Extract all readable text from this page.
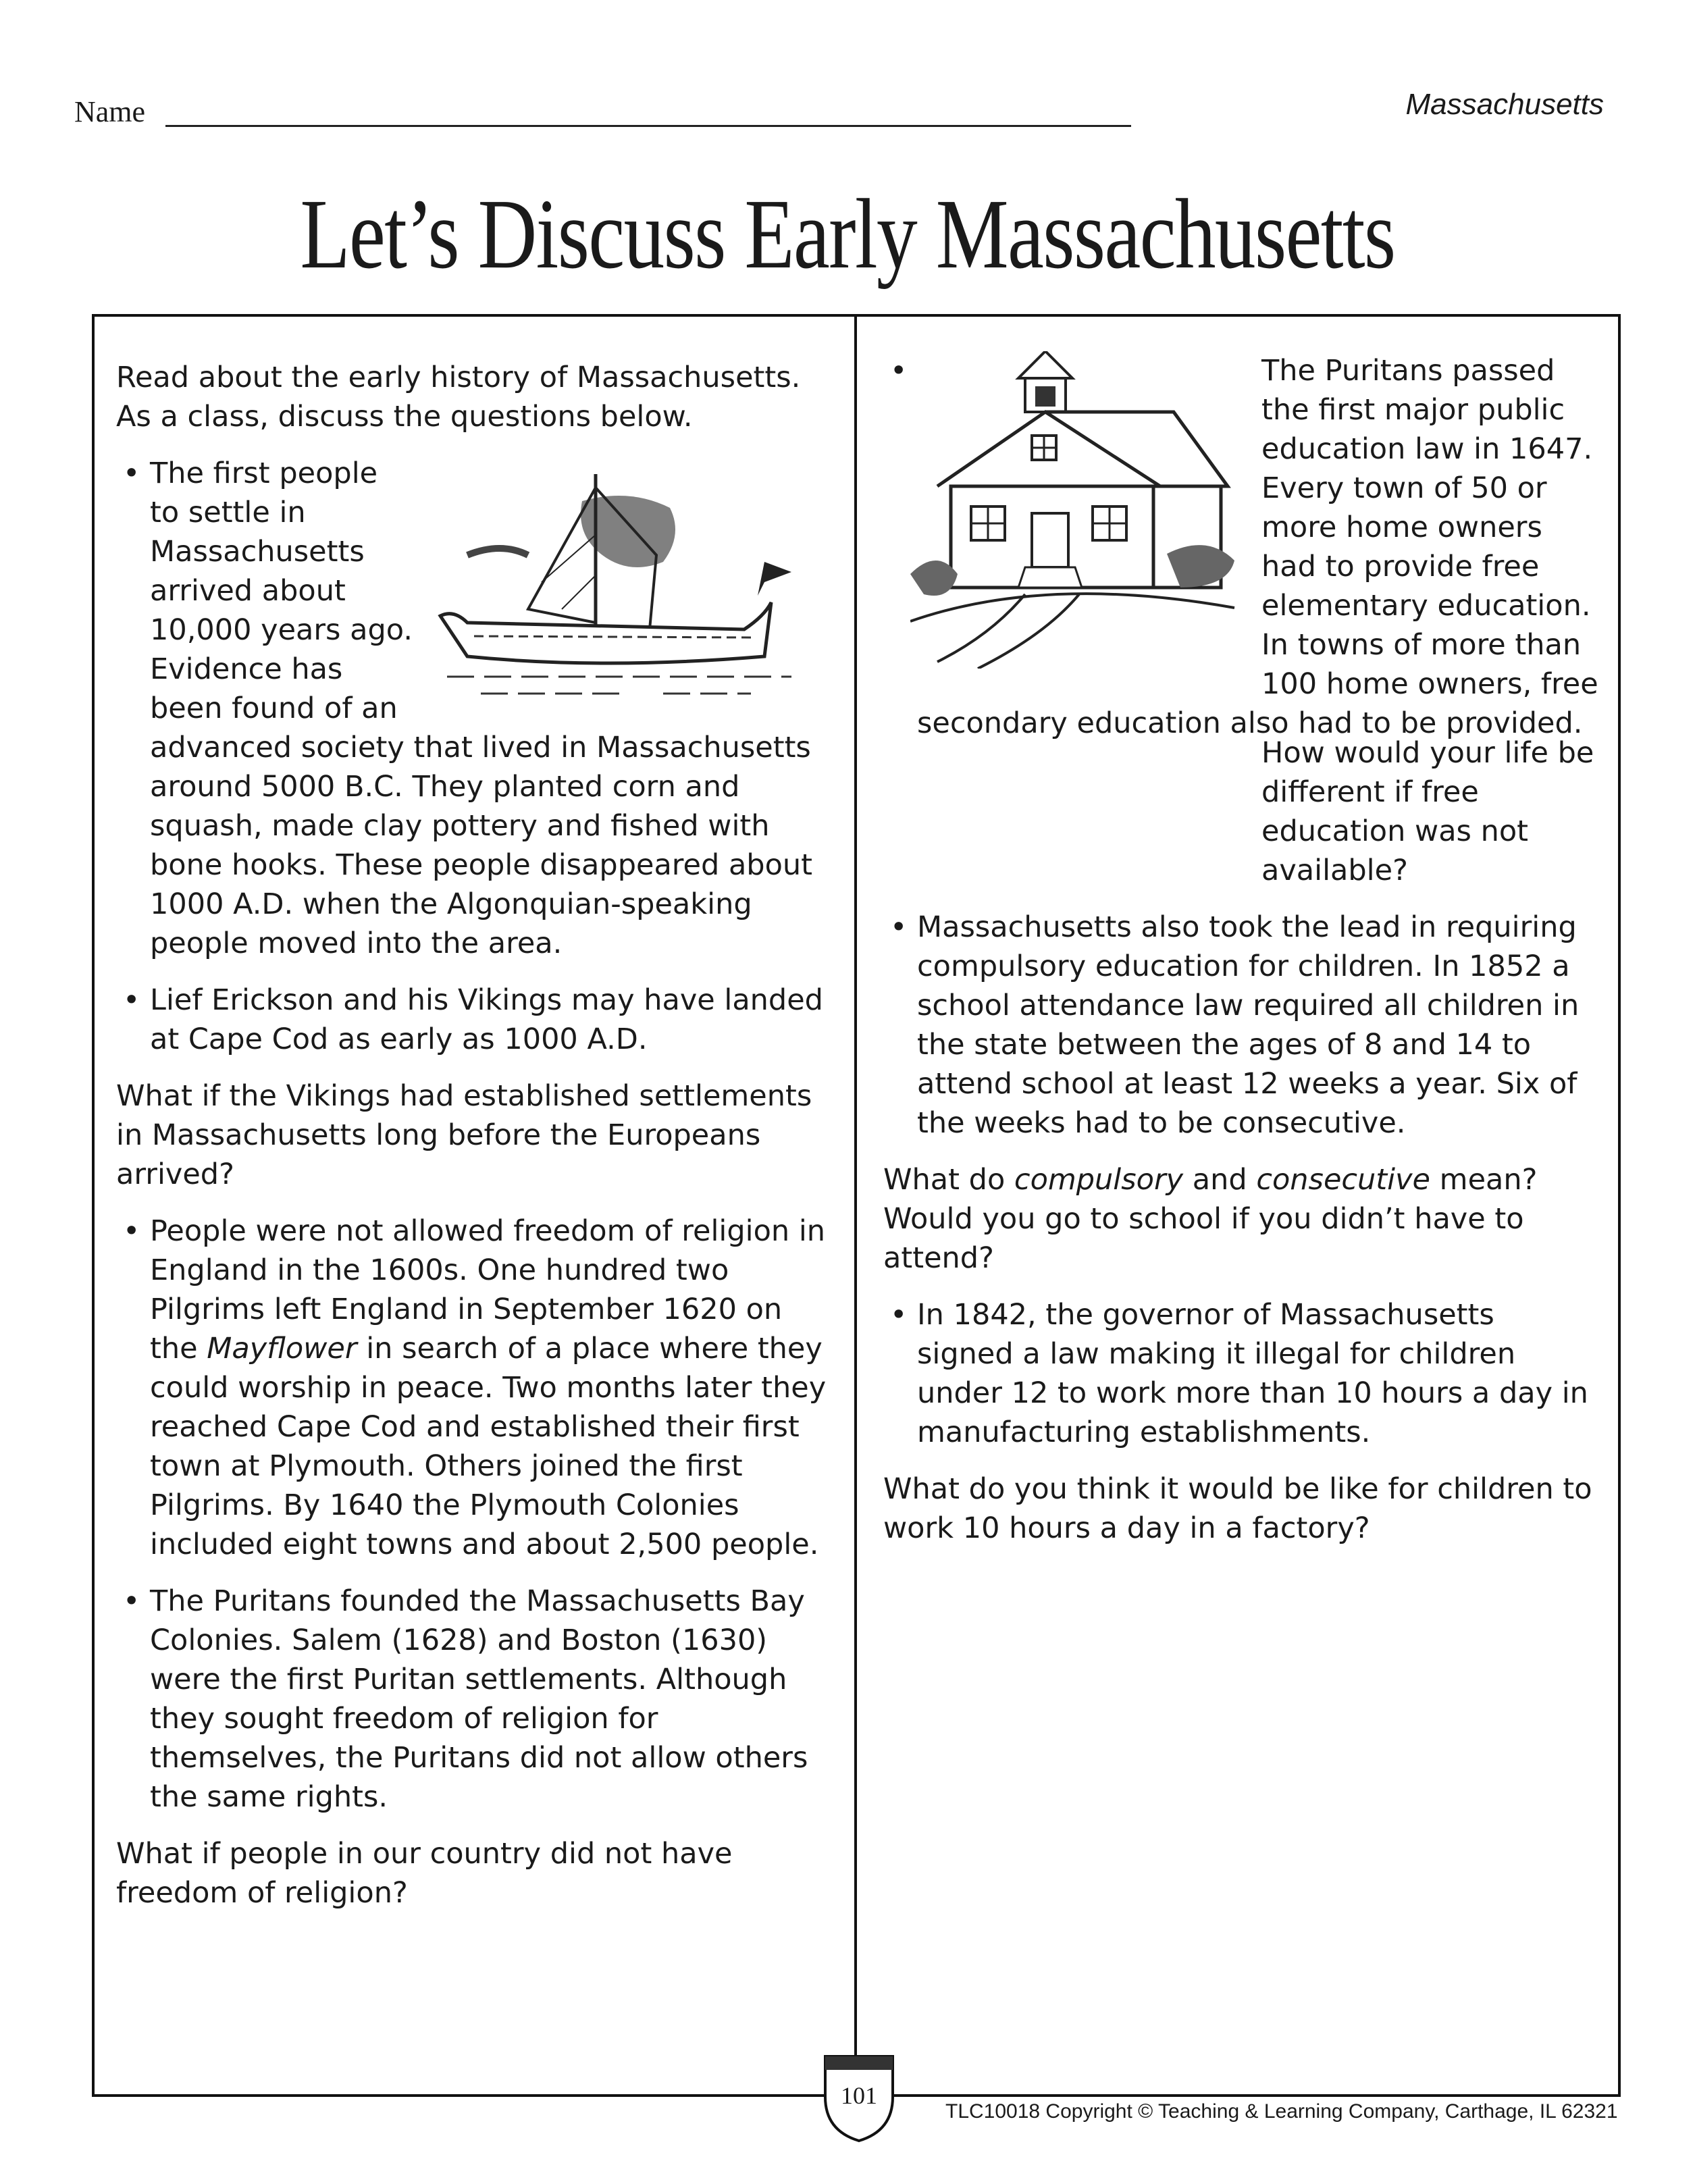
Name	Massachusetts
Let’s Discuss Early Massachusetts

Read about the early history of Massachusetts. As a class, discuss the questions below.

• The first people to settle in Massachusetts arrived about 10,000 years ago. Evidence has been found of an advanced society that lived in Massachusetts around 5000 B.C. They planted corn and squash, made clay pottery and fished with bone hooks. These people disappeared about 1000 A.D. when the Algonquian-speaking people moved into the area.
• Lief Erickson and his Vikings may have landed at Cape Cod as early as 1000 A.D.

What if the Vikings had established settlements in Massachusetts long before the Europeans arrived?

• People were not allowed freedom of religion in England in the 1600s. One hundred two Pilgrims left England in September 1620 on the Mayflower in search of a place where they could worship in peace. Two months later they reached Cape Cod and established their first town at Plymouth. Others joined the first Pilgrims. By 1640 the Plymouth Colonies included eight towns and about 2,500 people.
• The Puritans founded the Massachusetts Bay Colonies. Salem (1628) and Boston (1630) were the first Puritan settlements. Although they sought freedom of religion for themselves, the Puritans did not allow others the same rights.

What if people in our country did not have freedom of religion?

•	The Puritans passed the first major public education law in 1647. Every town of 50 or more home owners had to provide free elementary education. In towns of more than 100 home owners, free secondary education also had to be provided.

How would your life be different if free education was not available?

• Massachusetts also took the lead in requiring compulsory education for children. In 1852 a school attendance law required all children in the state between the ages of 8 and 14 to attend school at least 12 weeks a year. Six of the weeks had to be consecutive.

What do compulsory and consecutive mean? Would you go to school if you didn’t have to attend?

• In 1842, the governor of Massachusetts signed a law making it illegal for children under 12 to work more than 10 hours a day in manufacturing establishments.

What do you think it would be like for children to work 10 hours a day in a factory?

101
TLC10018 Copyright © Teaching & Learning Company, Carthage, IL 62321
